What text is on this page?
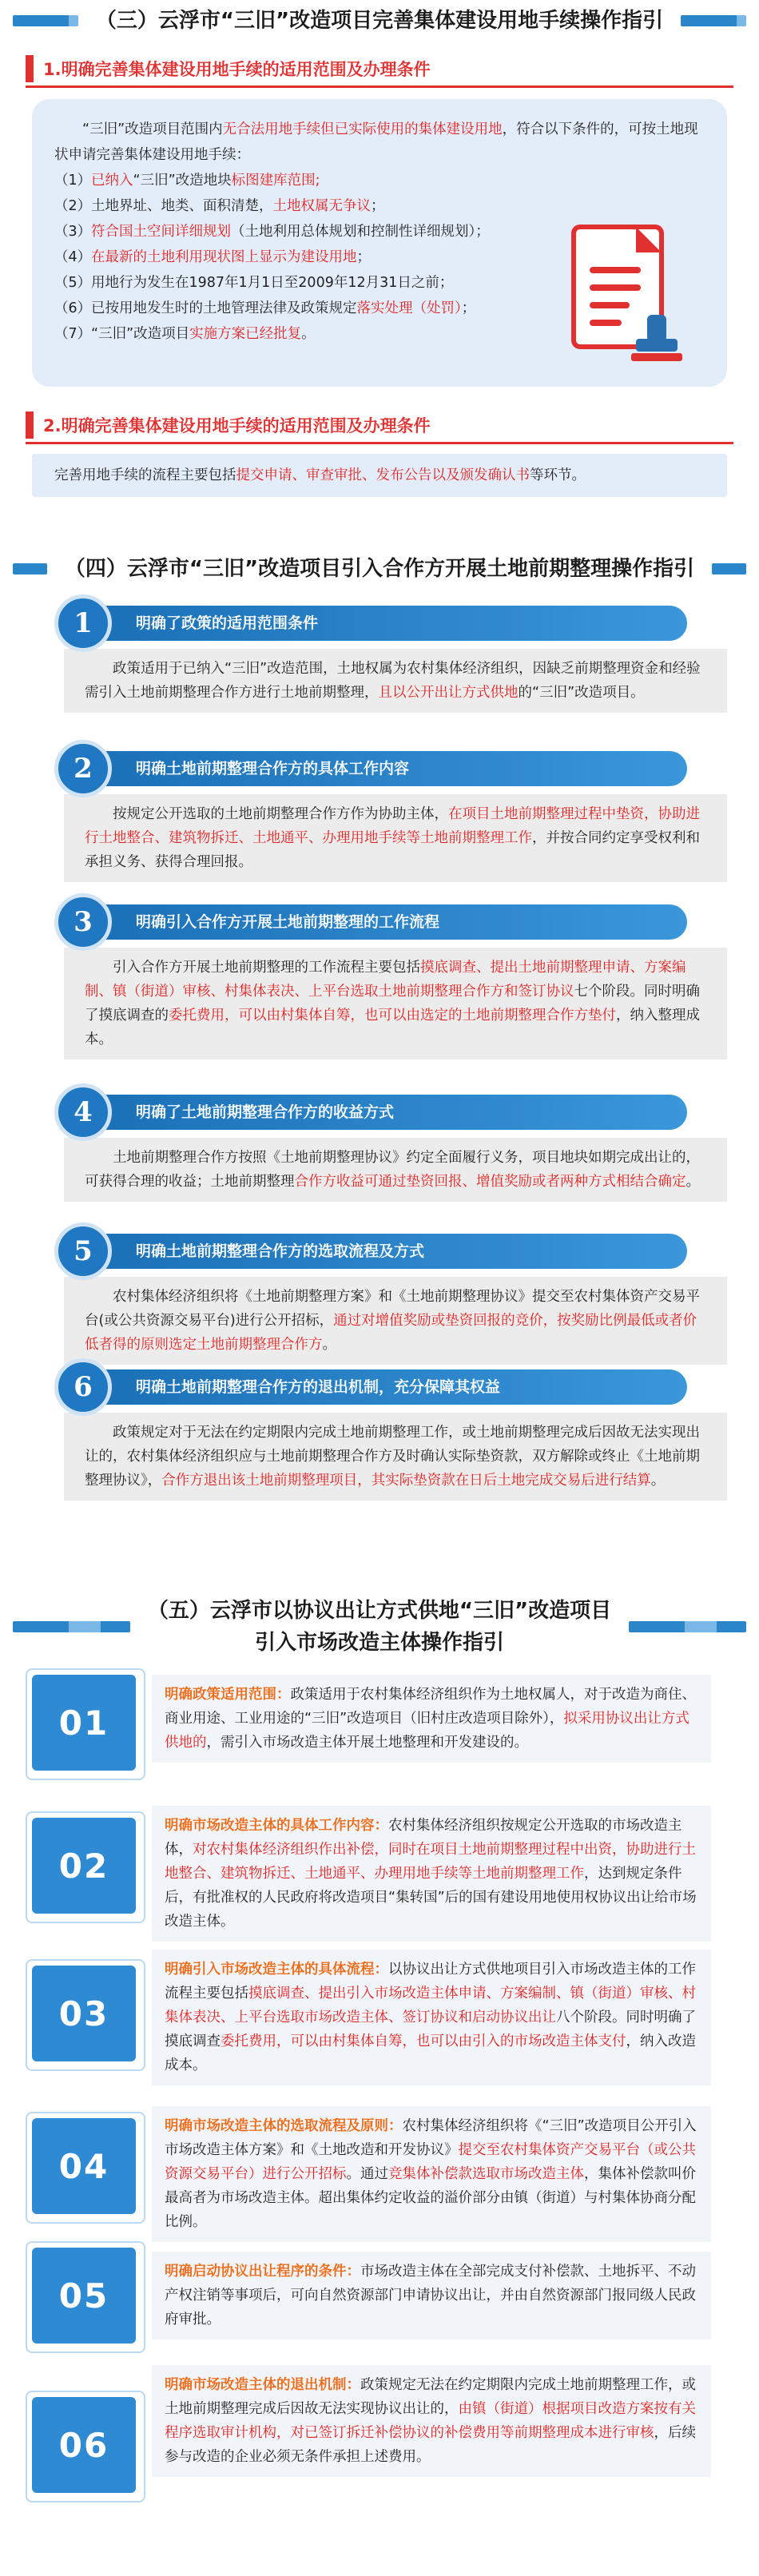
（三）云浮市“三旧”改造项目完善集体建设用地手续操作指引
1.明确完善集体建设用地手续的适用范围及办理条件

“三旧”改造项目范围内无合法用地手续但已实际使用的集体建设用地，符合以下条件的，可按土地现状申请完善集体建设用地手续：

（1） 已纳入“三旧”改造地块标图建库范围;

（2） 土地界址、地类、面积清楚，土地权属无争议；

（3） 符合国土空间详细规划（土地利用总体规划和控制性详细规划）；

（4） 在最新的土地利用现状图上显示为建设用地；

（5） 用地行为发生在1987年1月1日至2009年12月31日之前；

（6） 已按用地发生时的土地管理法律及政策规定落实处理（处罚）；

（7） “三旧”改造项目实施方案已经批复。

2.明确完善集体建设用地手续的适用范围及办理条件
完善用地手续的流程主要包括提交申请、审查审批、发布公告以及颁发确认书等环节。
（四）云浮市“三旧”改造项目引入合作方开展土地前期整理操作指引
1	明确了政策的适用范围条件
政策适用于已纳入“三旧”改造范围，土地权属为农村集体经济组织，因缺乏前期整理资金和经验需引入土地前期整理合作方进行土地前期整理，且以公开出让方式供地的“三旧”改造项目。
2	明确土地前期整理合作方的具体工作内容
按规定公开选取的土地前期整理合作方作为协助主体，在项目土地前期整理过程中垫资，协助进行土地整合、建筑物拆迁、土地通平、办理用地手续等土地前期整理工作，并按合同约定享受权利和承担义务、获得合理回报。
3	明确引入合作方开展土地前期整理的工作流程
引入合作方开展土地前期整理的工作流程主要包括摸底调查、提出土地前期整理申请、方案编制、镇（街道）审核、村集体表决、上平台选取土地前期整理合作方和签订协议七个阶段。同时明确了摸底调查的委托费用，可以由村集体自筹，也可以由选定的土地前期整理合作方垫付，纳入整理成本。
4	明确了土地前期整理合作方的收益方式
土地前期整理合作方按照《土地前期整理协议》约定全面履行义务，项目地块如期完成出让的，可获得合理的收益；土地前期整理合作方收益可通过垫资回报、增值奖励或者两种方式相结合确定。
5	明确土地前期整理合作方的选取流程及方式
农村集体经济组织将《土地前期整理方案》和《土地前期整理协议》提交至农村集体资产交易平台(或公共资源交易平台)进行公开招标，通过对增值奖励或垫资回报的竞价，按奖励比例最低或者价低者得的原则选定土地前期整理合作方。
6	明确土地前期整理合作方的退出机制，充分保障其权益
政策规定对于无法在约定期限内完成土地前期整理工作，或土地前期整理完成后因故无法实现出让的，农村集体经济组织应与土地前期整理合作方及时确认实际垫资款，双方解除或终止《土地前期整理协议》，合作方退出该土地前期整理项目，其实际垫资款在日后土地完成交易后进行结算。
（五）云浮市以协议出让方式供地“三旧”改造项目
引入市场改造主体操作指引
01
明确政策适用范围：政策适用于农村集体经济组织作为土地权属人，对于改造为商住、商业用途、工业用途的“三旧”改造项目（旧村庄改造项目除外），拟采用协议出让方式供地的，需引入市场改造主体开展土地整理和开发建设的。
02
明确市场改造主体的具体工作内容：农村集体经济组织按规定公开选取的市场改造主体，对农村集体经济组织作出补偿，同时在项目土地前期整理过程中出资，协助进行土地整合、建筑物拆迁、土地通平、办理用地手续等土地前期整理工作，达到规定条件后，有批准权的人民政府将改造项目“集转国”后的国有建设用地使用权协议出让给市场改造主体。
03
明确引入市场改造主体的具体流程：以协议出让方式供地项目引入市场改造主体的工作流程主要包括摸底调查、提出引入市场改造主体申请、方案编制、镇（街道）审核、村集体表决、上平台选取市场改造主体、签订协议和启动协议出让八个阶段。同时明确了摸底调查委托费用，可以由村集体自筹，也可以由引入的市场改造主体支付，纳入改造成本。
04
明确市场改造主体的选取流程及原则：农村集体经济组织将《“三旧”改造项目公开引入市场改造主体方案》和《土地改造和开发协议》提交至农村集体资产交易平台（或公共资源交易平台）进行公开招标。通过竞集体补偿款选取市场改造主体，集体补偿款叫价最高者为市场改造主体。超出集体约定收益的溢价部分由镇（街道）与村集体协商分配比例。
05
明确启动协议出让程序的条件：市场改造主体在全部完成支付补偿款、土地拆平、不动产权注销等事项后，可向自然资源部门申请协议出让，并由自然资源部门报同级人民政府审批。
06
明确市场改造主体的退出机制：政策规定无法在约定期限内完成土地前期整理工作，或土地前期整理完成后因故无法实现协议出让的，由镇（街道）根据项目改造方案按有关程序选取审计机构，对已签订拆迁补偿协议的补偿费用等前期整理成本进行审核，后续参与改造的企业必须无条件承担上述费用。
